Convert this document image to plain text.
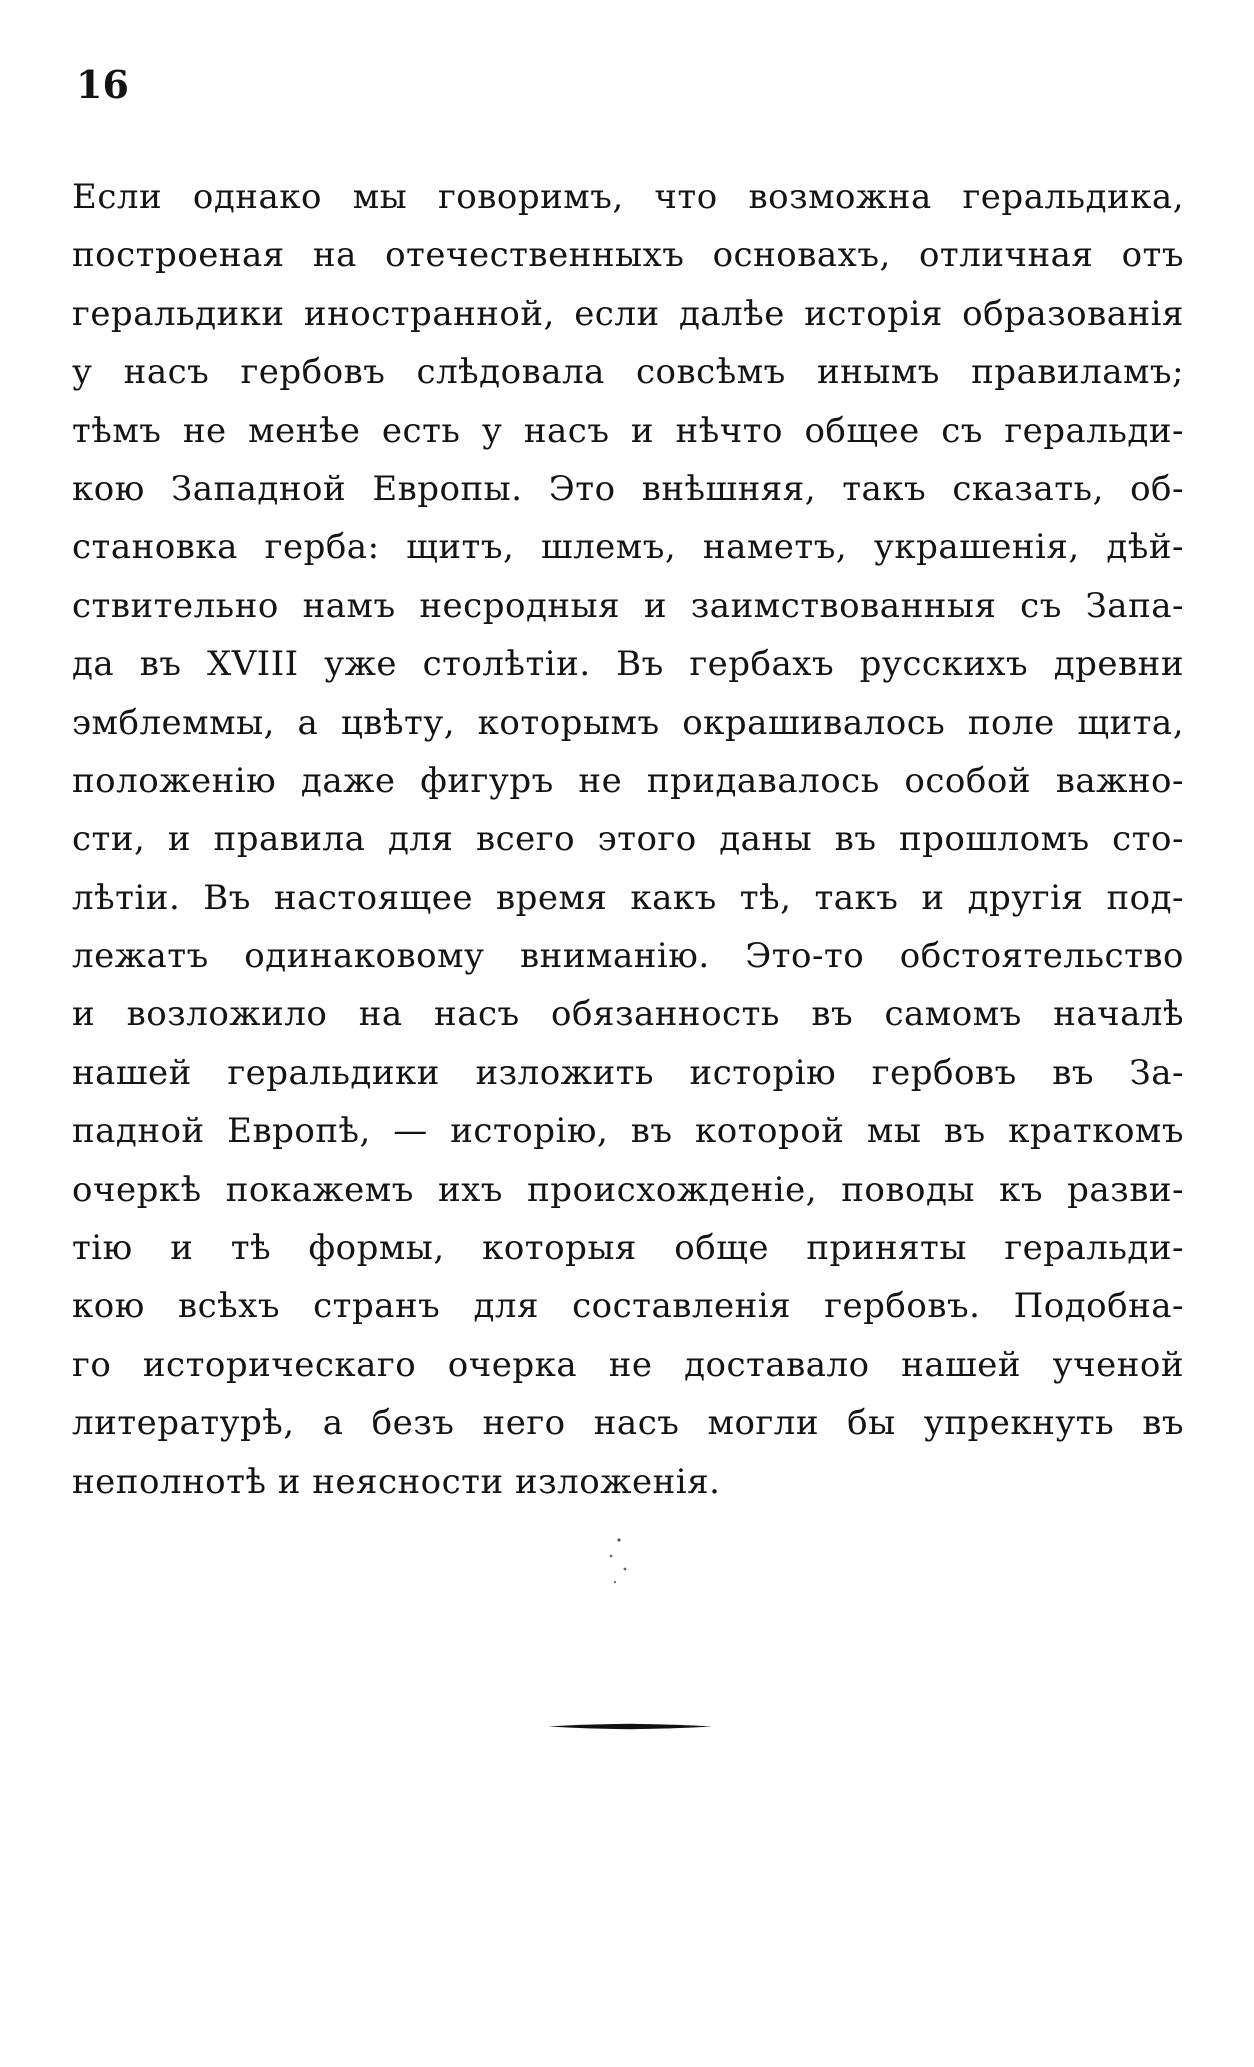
16
Если однако мы говоримъ, что возможна геральдика,
построеная на отечественныхъ основахъ, отличная отъ
геральдики иностранной, если далѣе исторія образованія
у насъ гербовъ слѣдовала совсѣмъ инымъ правиламъ;
тѣмъ не менѣе есть у насъ и нѣчто общее съ геральди-
кою Западной Европы. Это внѣшняя, такъ сказать, об-
становка герба: щитъ, шлемъ, наметъ, украшенія, дѣй-
ствительно намъ несродныя и заимствованныя съ Запа-
да въ XVIII уже столѣтіи. Въ гербахъ русскихъ древни
эмблеммы, а цвѣту, которымъ окрашивалось поле щита,
положенію даже фигуръ не придавалось особой важно-
сти, и правила для всего этого даны въ прошломъ сто-
лѣтіи. Въ настоящее время какъ тѣ, такъ и другія под-
лежатъ одинаковому вниманію. Это-то обстоятельство
и возложило на насъ обязанность въ самомъ началѣ
нашей геральдики изложить исторію гербовъ въ За-
падной Европѣ, — исторію, въ которой мы въ краткомъ
очеркѣ покажемъ ихъ происхожденіе, поводы къ разви-
тію и тѣ формы, которыя обще приняты геральди-
кою всѣхъ странъ для составленія гербовъ. Подобна-
го историческаго очерка не доставало нашей ученой
литературѣ, а безъ него насъ могли бы упрекнуть въ
неполнотѣ и неясности изложенія.
